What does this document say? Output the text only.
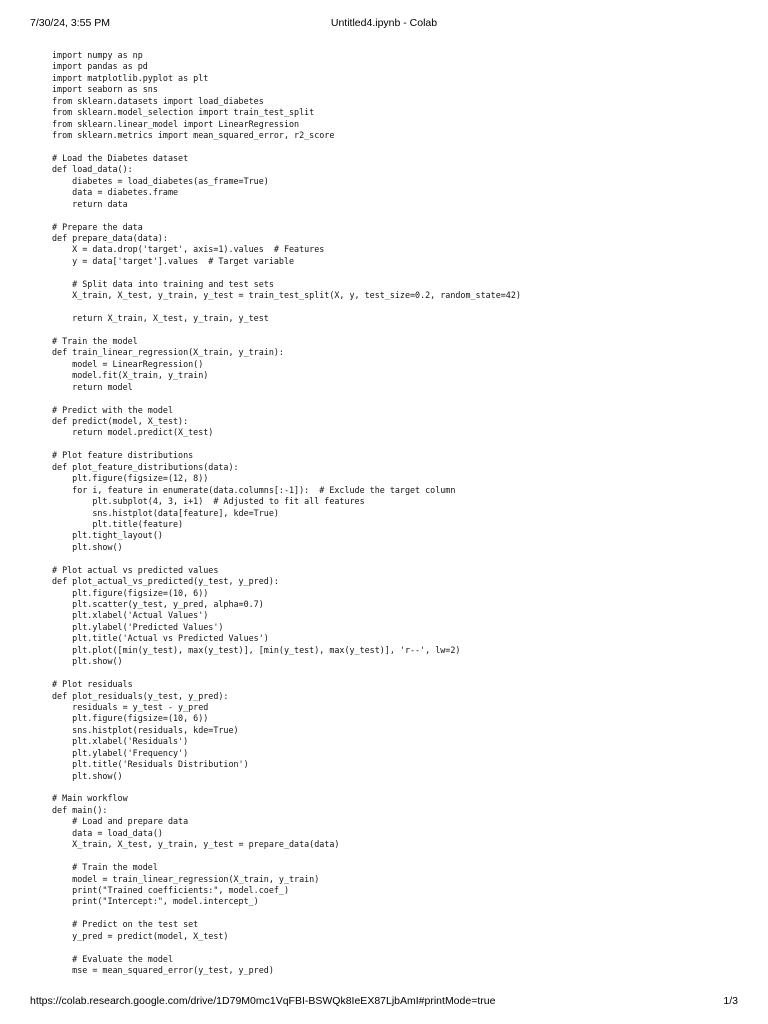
7/30/24, 3:55 PM	Untitled4.ipynb - Colab
import numpy as np
import pandas as pd
import matplotlib.pyplot as plt
import seaborn as sns
from sklearn.datasets import load_diabetes
from sklearn.model_selection import train_test_split
from sklearn.linear_model import LinearRegression
from sklearn.metrics import mean_squared_error, r2_score
# Load the Diabetes dataset
def load_data():
diabetes = load_diabetes(as_frame=True)
data = diabetes.frame
return data
# Prepare the data
def prepare_data(data):
X = data.drop('target', axis=1).values  # Features
y = data['target'].values  # Target variable
# Split data into training and test sets
X_train, X_test, y_train, y_test = train_test_split(X, y, test_size=0.2, random_state=42)
return X_train, X_test, y_train, y_test
# Train the model
def train_linear_regression(X_train, y_train):
model = LinearRegression()
model.fit(X_train, y_train)
return model
# Predict with the model
def predict(model, X_test):
return model.predict(X_test)
# Plot feature distributions
def plot_feature_distributions(data):
plt.figure(figsize=(12, 8))
for i, feature in enumerate(data.columns[:-1]):  # Exclude the target column
plt.subplot(4, 3, i+1)  # Adjusted to fit all features
sns.histplot(data[feature], kde=True)
plt.title(feature)
plt.tight_layout()
plt.show()
# Plot actual vs predicted values
def plot_actual_vs_predicted(y_test, y_pred):
plt.figure(figsize=(10, 6))
plt.scatter(y_test, y_pred, alpha=0.7)
plt.xlabel('Actual Values')
plt.ylabel('Predicted Values')
plt.title('Actual vs Predicted Values')
plt.plot([min(y_test), max(y_test)], [min(y_test), max(y_test)], 'r--', lw=2)
plt.show()
# Plot residuals
def plot_residuals(y_test, y_pred):
residuals = y_test - y_pred
plt.figure(figsize=(10, 6))
sns.histplot(residuals, kde=True)
plt.xlabel('Residuals')
plt.ylabel('Frequency')
plt.title('Residuals Distribution')
plt.show()
# Main workflow
def main():
# Load and prepare data
data = load_data()
X_train, X_test, y_train, y_test = prepare_data(data)
# Train the model
model = train_linear_regression(X_train, y_train)
print("Trained coefficients:", model.coef_)
print("Intercept:", model.intercept_)
# Predict on the test set
y_pred = predict(model, X_test)
# Evaluate the model
mse = mean_squared_error(y_test, y_pred)
https://colab.research.google.com/drive/1D79M0mc1VqFBI-BSWQk8IeEX87LjbAmI#printMode=true	1/3
